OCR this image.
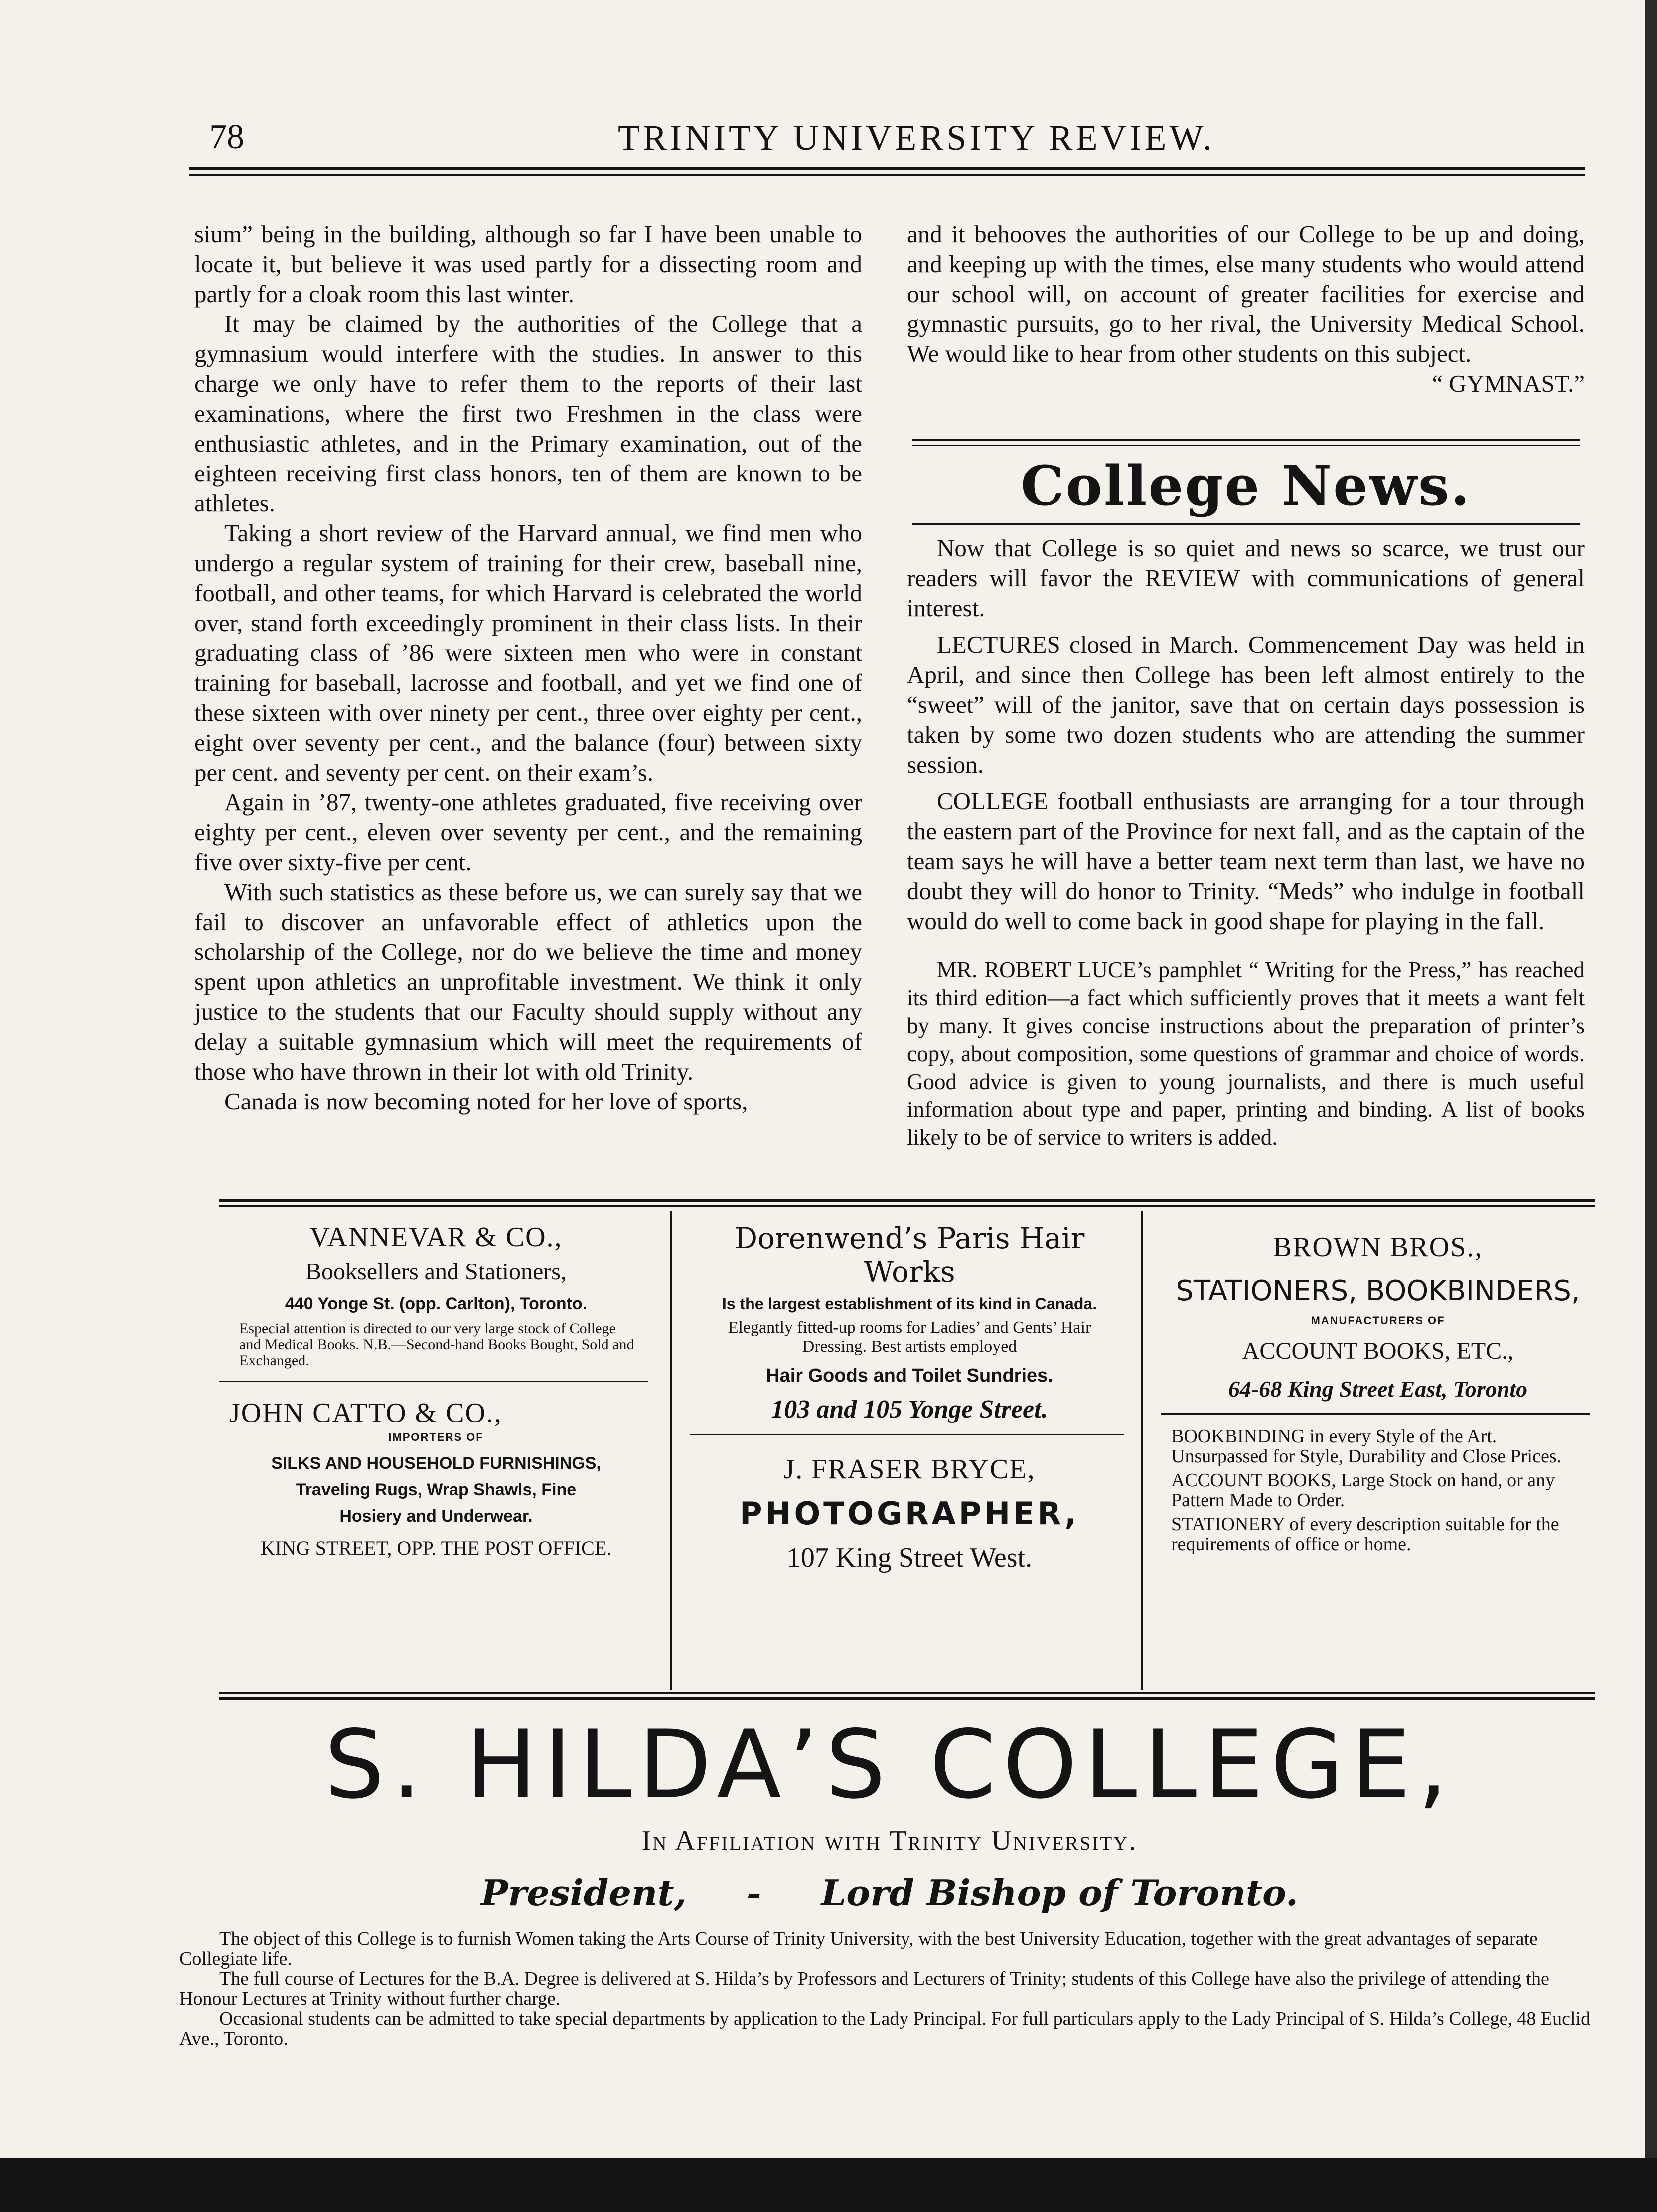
78	TRINITY UNIVERSITY REVIEW.

sium” being in the building, although so far I have been unable to locate it, but believe it was used partly for a dissecting room and partly for a cloak room this last winter.

It may be claimed by the authorities of the College that a gymnasium would interfere with the studies. In answer to this charge we only have to refer them to the reports of their last examinations, where the first two Freshmen in the class were enthusiastic athletes, and in the Primary examination, out of the eighteen receiving first class honors, ten of them are known to be athletes.

Taking a short review of the Harvard annual, we find men who undergo a regular system of training for their crew, baseball nine, football, and other teams, for which Harvard is celebrated the world over, stand forth exceedingly prominent in their class lists. In their graduating class of ’86 were sixteen men who were in constant training for baseball, lacrosse and football, and yet we find one of these sixteen with over ninety per cent., three over eighty per cent., eight over seventy per cent., and the balance (four) between sixty per cent. and seventy per cent. on their exam’s.

Again in ’87, twenty-one athletes graduated, five receiving over eighty per cent., eleven over seventy per cent., and the remaining five over sixty-five per cent.

With such statistics as these before us, we can surely say that we fail to discover an unfavorable effect of athletics upon the scholarship of the College, nor do we believe the time and money spent upon athletics an unprofitable investment. We think it only justice to the students that our Faculty should supply without any delay a suitable gymnasium which will meet the requirements of those who have thrown in their lot with old Trinity.

Canada is now becoming noted for her love of sports,

and it behooves the authorities of our College to be up and doing, and keeping up with the times, else many students who would attend our school will, on account of greater facilities for exercise and gymnastic pursuits, go to her rival, the University Medical School. We would like to hear from other students on this subject.

“ GYMNAST.”

College News.

Now that College is so quiet and news so scarce, we trust our readers will favor the REVIEW with communications of general interest.

LECTURES closed in March. Commencement Day was held in April, and since then College has been left almost entirely to the “sweet” will of the janitor, save that on certain days possession is taken by some two dozen students who are attending the summer session.

COLLEGE football enthusiasts are arranging for a tour through the eastern part of the Province for next fall, and as the captain of the team says he will have a better team next term than last, we have no doubt they will do honor to Trinity. “Meds” who indulge in football would do well to come back in good shape for playing in the fall.

MR. ROBERT LUCE’s pamphlet “ Writing for the Press,” has reached its third edition—a fact which sufficiently proves that it meets a want felt by many. It gives concise instructions about the preparation of printer’s copy, about composition, some questions of grammar and choice of words. Good advice is given to young journalists, and there is much useful information about type and paper, printing and binding. A list of books likely to be of service to writers is added.

VANNEVAR & CO.,
Booksellers and Stationers,
440 Yonge St. (opp. Carlton), Toronto.
Especial attention is directed to our very large stock of College and Medical Books. N.B.—Second-hand Books Bought, Sold and Exchanged.
JOHN CATTO & CO.,
IMPORTERS OF
SILKS AND HOUSEHOLD FURNISHINGS,
Traveling Rugs, Wrap Shawls, Fine
Hosiery and Underwear.
KING STREET, OPP. THE POST OFFICE.
Dorenwend’s Paris Hair Works
Is the largest establishment of its kind in Canada.
Elegantly fitted-up rooms for Ladies’ and Gents’ Hair Dressing. Best artists employed
Hair Goods and Toilet Sundries.
103 and 105 Yonge Street.
J. FRASER BRYCE,
PHOTOGRAPHER,
107 King Street West.
BROWN BROS.,
STATIONERS, BOOKBINDERS,
MANUFACTURERS OF
ACCOUNT BOOKS, ETC.,
64-68 King Street East, Toronto
BOOKBINDING in every Style of the Art. Unsurpassed for Style, Durability and Close Prices.
ACCOUNT BOOKS, Large Stock on hand, or any Pattern Made to Order.
STATIONERY of every description suitable for the requirements of office or home.
S. HILDA’S COLLEGE,
In Affiliation with Trinity University.
President, - Lord Bishop of Toronto.

The object of this College is to furnish Women taking the Arts Course of Trinity University, with the best University Education, together with the great advantages of separate Collegiate life.

The full course of Lectures for the B.A. Degree is delivered at S. Hilda’s by Professors and Lecturers of Trinity; students of this College have also the privilege of attending the Honour Lectures at Trinity without further charge.

Occasional students can be admitted to take special departments by application to the Lady Principal. For full particulars apply to the Lady Principal of S. Hilda’s College, 48 Euclid Ave., Toronto.
